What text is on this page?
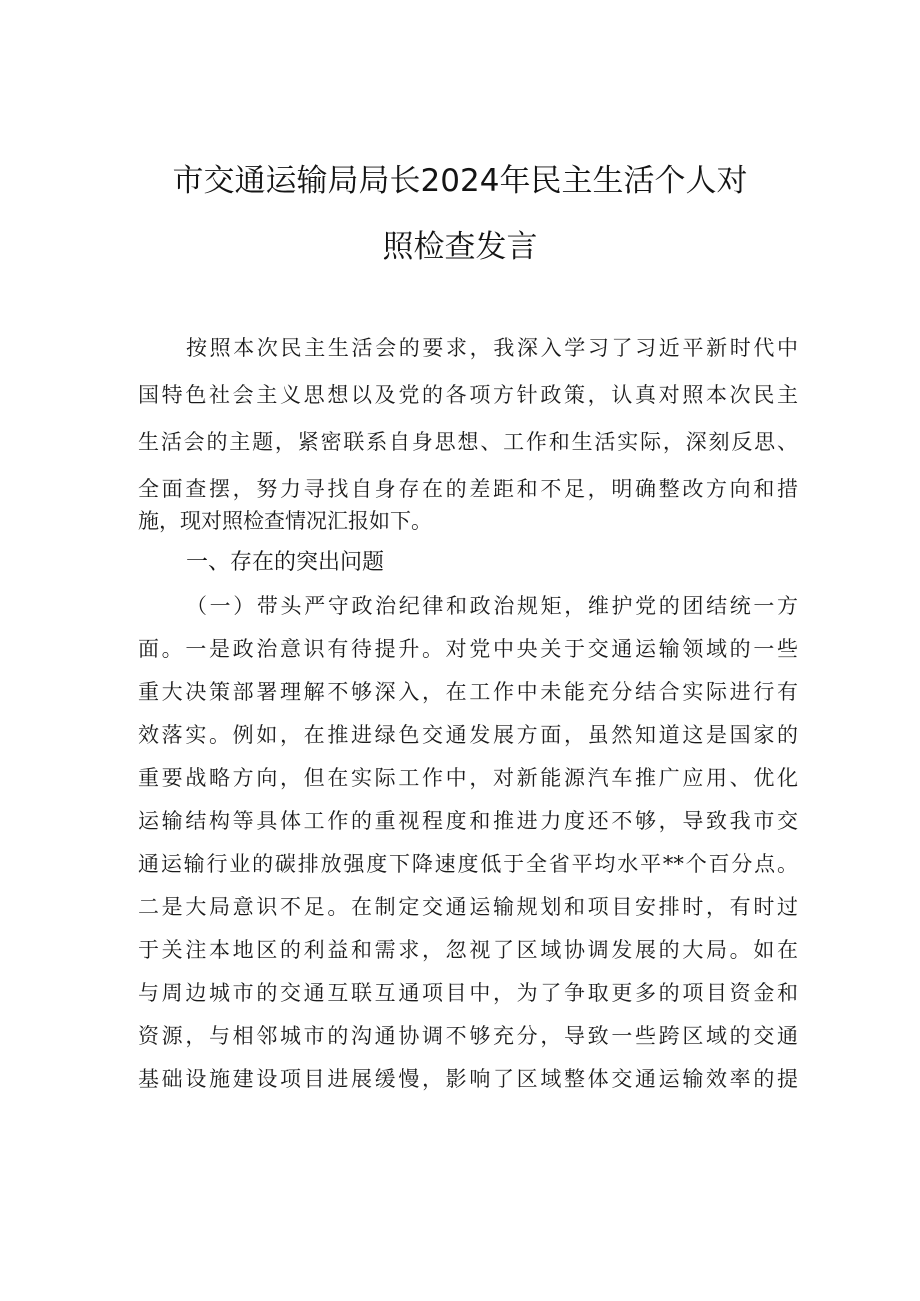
市交通运输局局长2024年民主生活个人对
照检查发言
按照本次民主生活会的要求，我深入学习了习近平新时代中
国特色社会主义思想以及党的各项方针政策，认真对照本次民主
生活会的主题，紧密联系自身思想、工作和生活实际，深刻反思、
全面查摆，努力寻找自身存在的差距和不足，明确整改方向和措
施，现对照检查情况汇报如下。
一、存在的突出问题
（一）带头严守政治纪律和政治规矩，维护党的团结统一方
面。一是政治意识有待提升。对党中央关于交通运输领域的一些
重大决策部署理解不够深入，在工作中未能充分结合实际进行有
效落实。例如，在推进绿色交通发展方面，虽然知道这是国家的
重要战略方向，但在实际工作中，对新能源汽车推广应用、优化
运输结构等具体工作的重视程度和推进力度还不够，导致我市交
通运输行业的碳排放强度下降速度低于全省平均水平**个百分点。
二是大局意识不足。在制定交通运输规划和项目安排时，有时过
于关注本地区的利益和需求，忽视了区域协调发展的大局。如在
与周边城市的交通互联互通项目中，为了争取更多的项目资金和
资源，与相邻城市的沟通协调不够充分，导致一些跨区域的交通
基础设施建设项目进展缓慢，影响了区域整体交通运输效率的提
